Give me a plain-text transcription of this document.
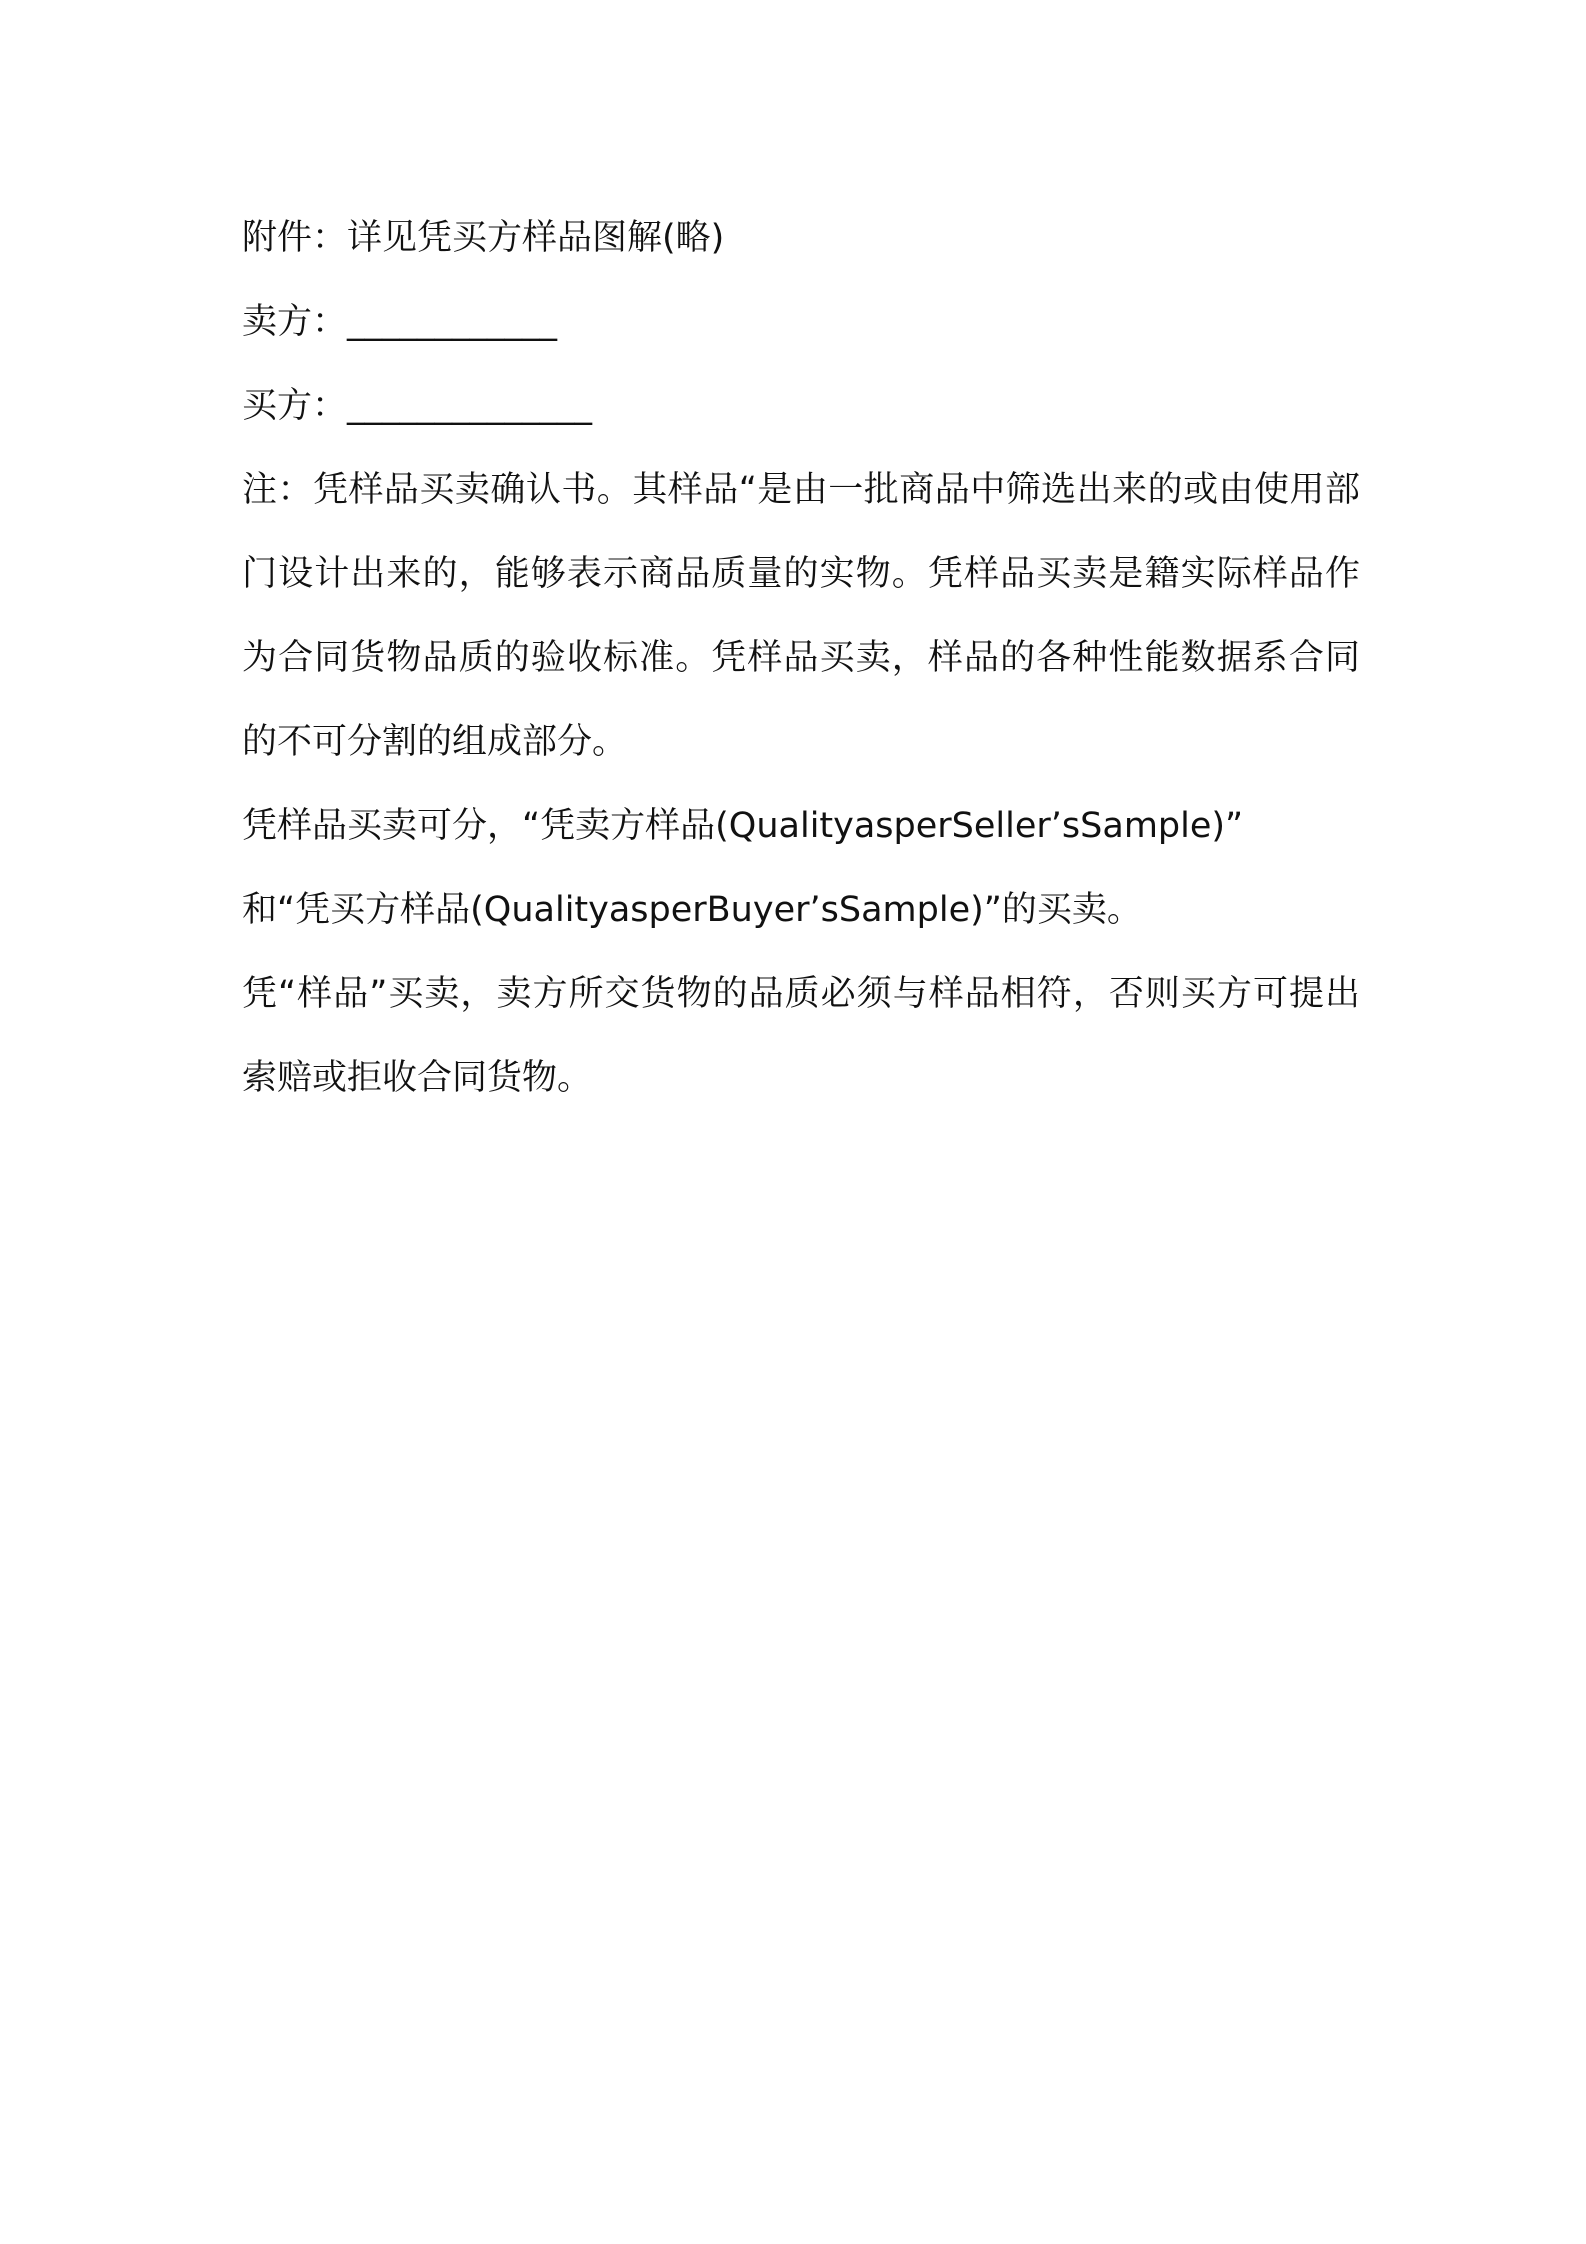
附件：详见凭买方样品图解(略)

卖方：____________

买方：______________

注：凭样品买卖确认书。其样品“是由一批商品中筛选出来的或由使用部门设计出来的，能够表示商品质量的实物。凭样品买卖是籍实际样品作为合同货物品质的验收标准。凭样品买卖，样品的各种性能数据系合同的不可分割的组成部分。

凭样品买卖可分，“凭卖方样品(QualityasperSeller’sSample)”

和“凭买方样品(QualityasperBuyer’sSample)”的买卖。

凭“样品”买卖，卖方所交货物的品质必须与样品相符，否则买方可提出索赔或拒收合同货物。
